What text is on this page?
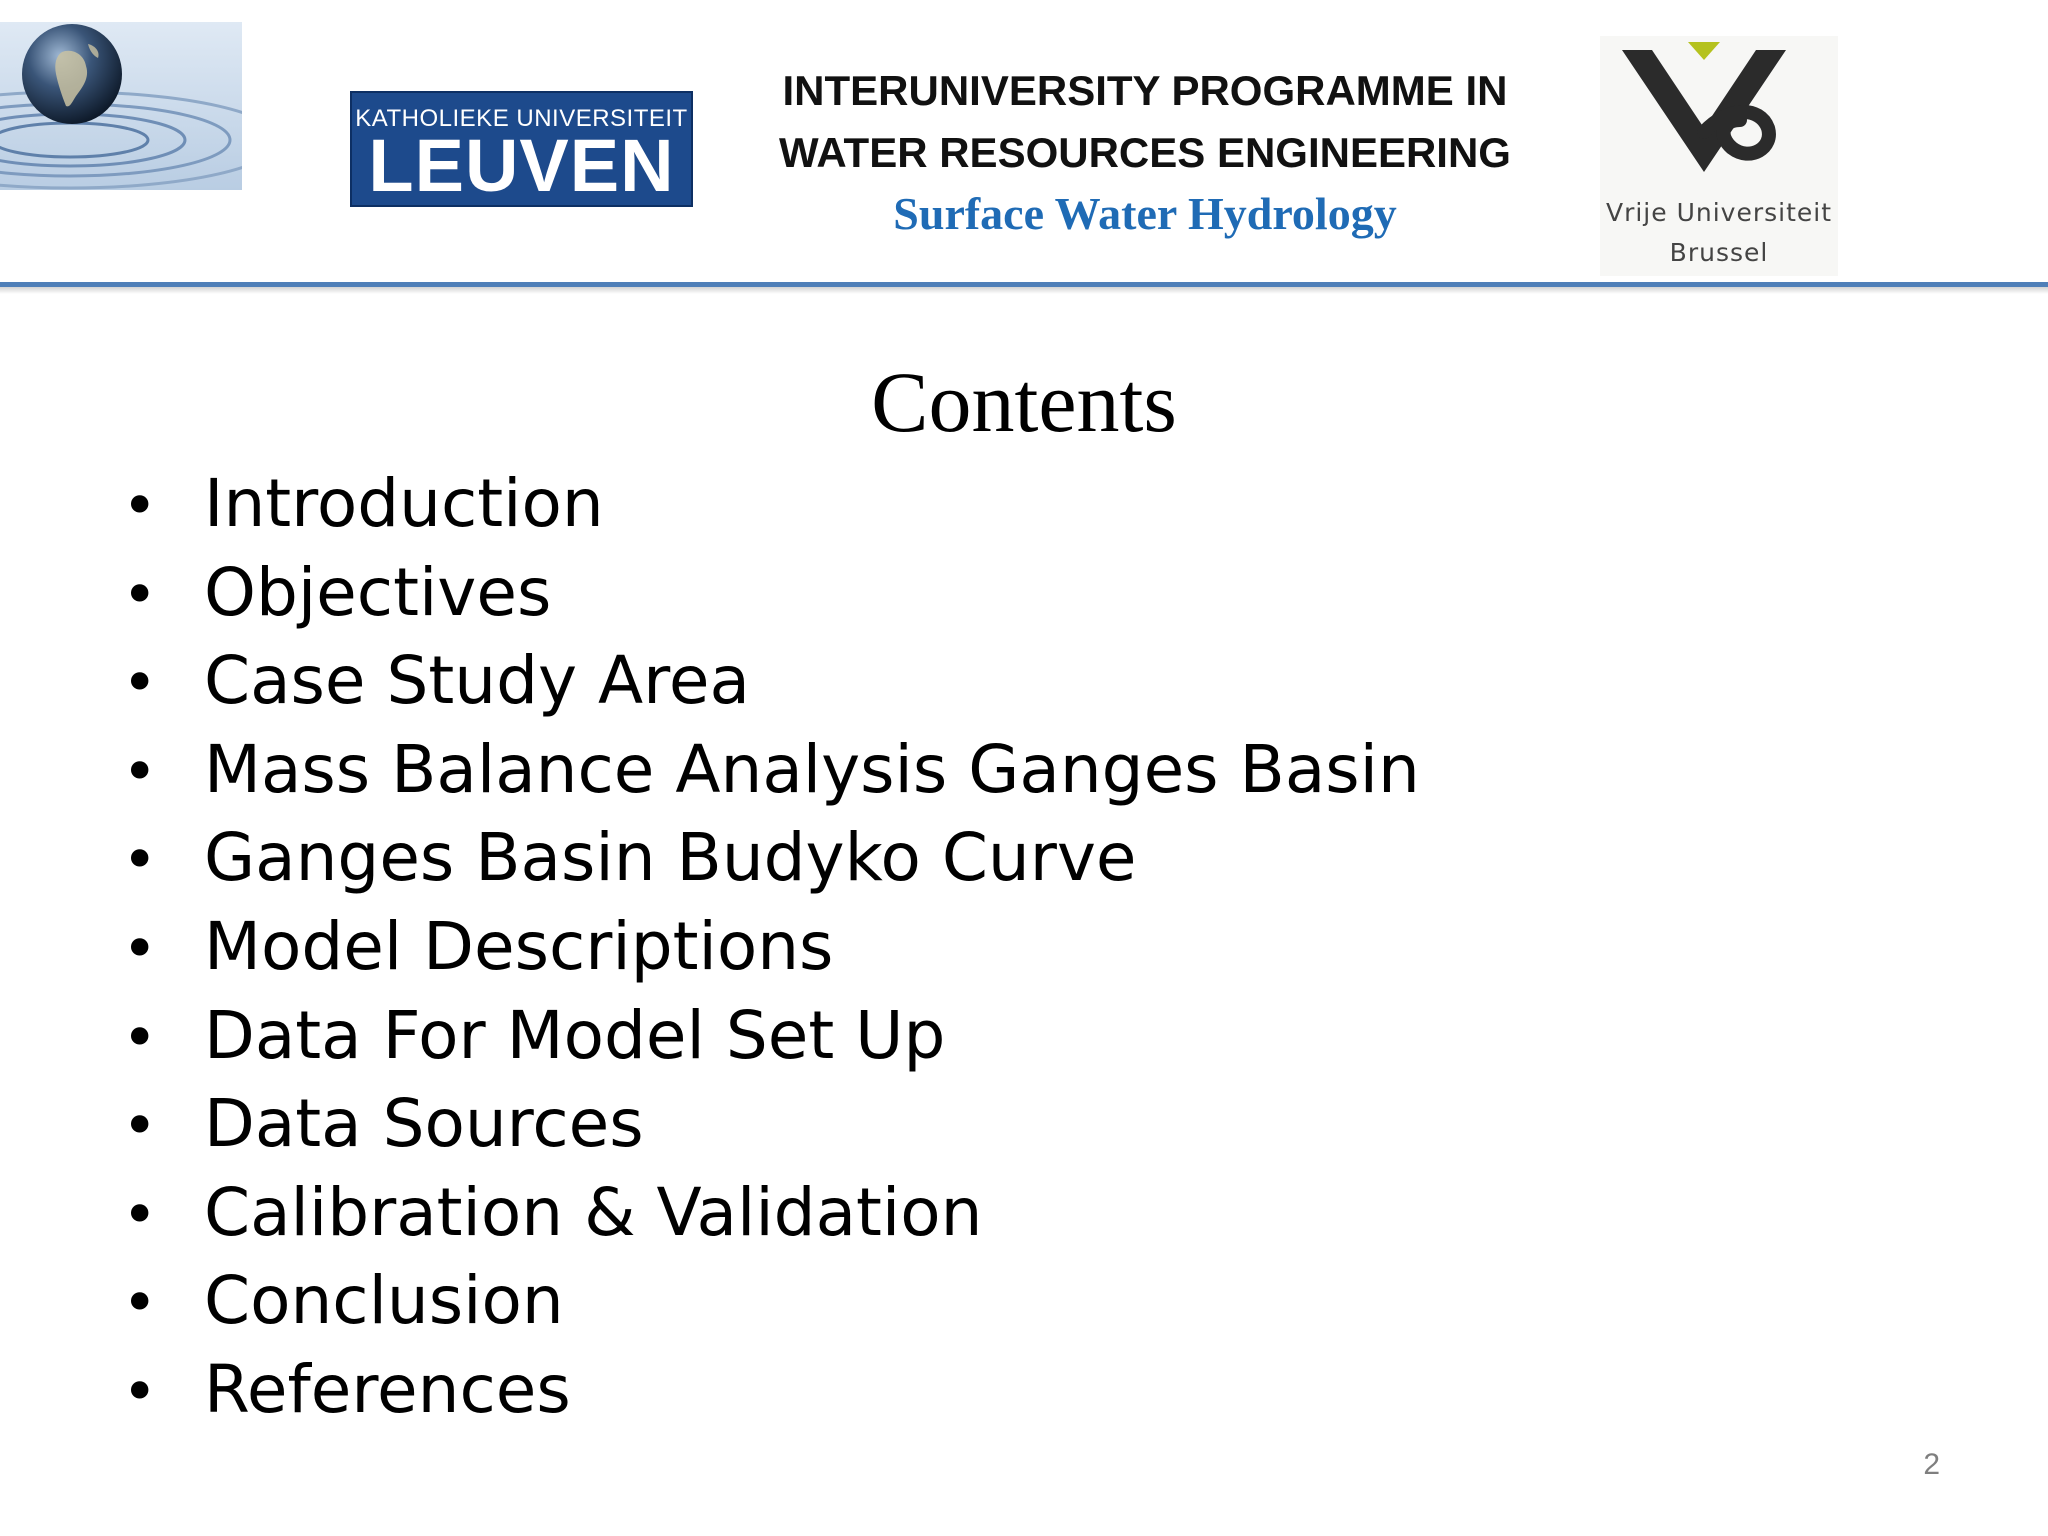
KATHOLIEKE UNIVERSITEIT
LEUVEN
INTERUNIVERSITY PROGRAMME IN
WATER RESOURCES ENGINEERING
Surface Water Hydrology	Vrije Universiteit
Brussel
Contents
• Introduction
• Objectives
• Case Study Area
• Mass Balance Analysis Ganges Basin
• Ganges Basin Budyko Curve
• Model Descriptions
• Data For Model Set Up
• Data Sources
• Calibration & Validation
• Conclusion
• References
2
